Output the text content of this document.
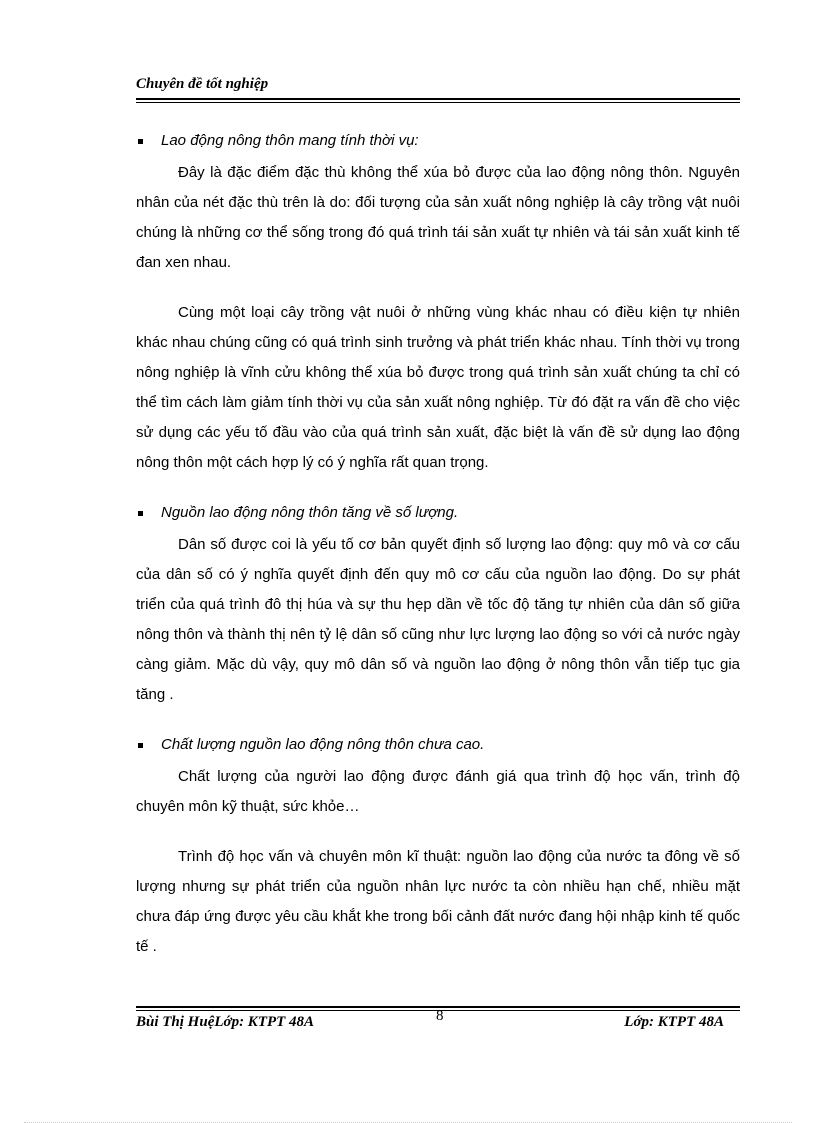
Chuyên đề tốt nghiệp
Lao động nông thôn mang tính thời vụ:

Đây là đặc điểm đặc thù không thể xúa bỏ được của lao động nông thôn. Nguyên nhân của nét đặc thù trên là do: đối tượng của sản xuất nông nghiệp là cây trồng vật nuôi chúng là những cơ thể sống trong đó quá trình tái sản xuất tự nhiên và tái sản xuất kinh tế đan xen nhau.

Cùng một loại cây trồng vật nuôi ở những vùng khác nhau có điều kiện tự nhiên khác nhau chúng cũng có quá trình sinh trưởng và phát triển khác nhau. Tính thời vụ trong nông nghiệp là vĩnh cửu không thể xúa bỏ được trong quá trình sản xuất chúng ta chỉ có thể tìm cách làm giảm tính thời vụ của sản xuất nông nghiệp. Từ đó đặt ra vấn đề cho việc sử dụng các yếu tố đầu vào của quá trình sản xuất, đặc biệt là vấn đề sử dụng lao động nông thôn một cách hợp lý có ý nghĩa rất quan trọng.

Nguồn lao động nông thôn tăng về số lượng.

Dân số được coi là yếu tố cơ bản quyết định số lượng lao động: quy mô và cơ cấu của dân số có ý nghĩa quyết định đến quy mô cơ cấu của nguồn lao động. Do sự phát triển của quá trình đô thị húa và sự thu hẹp dần về tốc độ tăng tự nhiên của dân số giữa nông thôn và thành thị nên tỷ lệ dân số cũng như lực lượng lao động so với cả nước ngày càng giảm. Mặc dù vậy, quy mô dân số và nguồn lao động ở nông thôn vẫn tiếp tục gia tăng .

Chất lượng nguồn lao động nông thôn chưa cao.

Chất lượng của người lao động được đánh giá qua trình độ học vấn, trình độ chuyên môn kỹ thuật, sức khỏe…

Trình độ học vấn và chuyên môn kĩ thuật: nguồn lao động của nước ta đông về số lượng nhưng sự phát triển của nguồn nhân lực nước ta còn nhiều hạn chế, nhiều mặt chưa đáp ứng được yêu cầu khắt khe trong bối cảnh đất nước đang hội nhập kinh tế quốc tế .

Bùi Thị HuệLớp: KTPT 48A	8	Lớp: KTPT 48A
